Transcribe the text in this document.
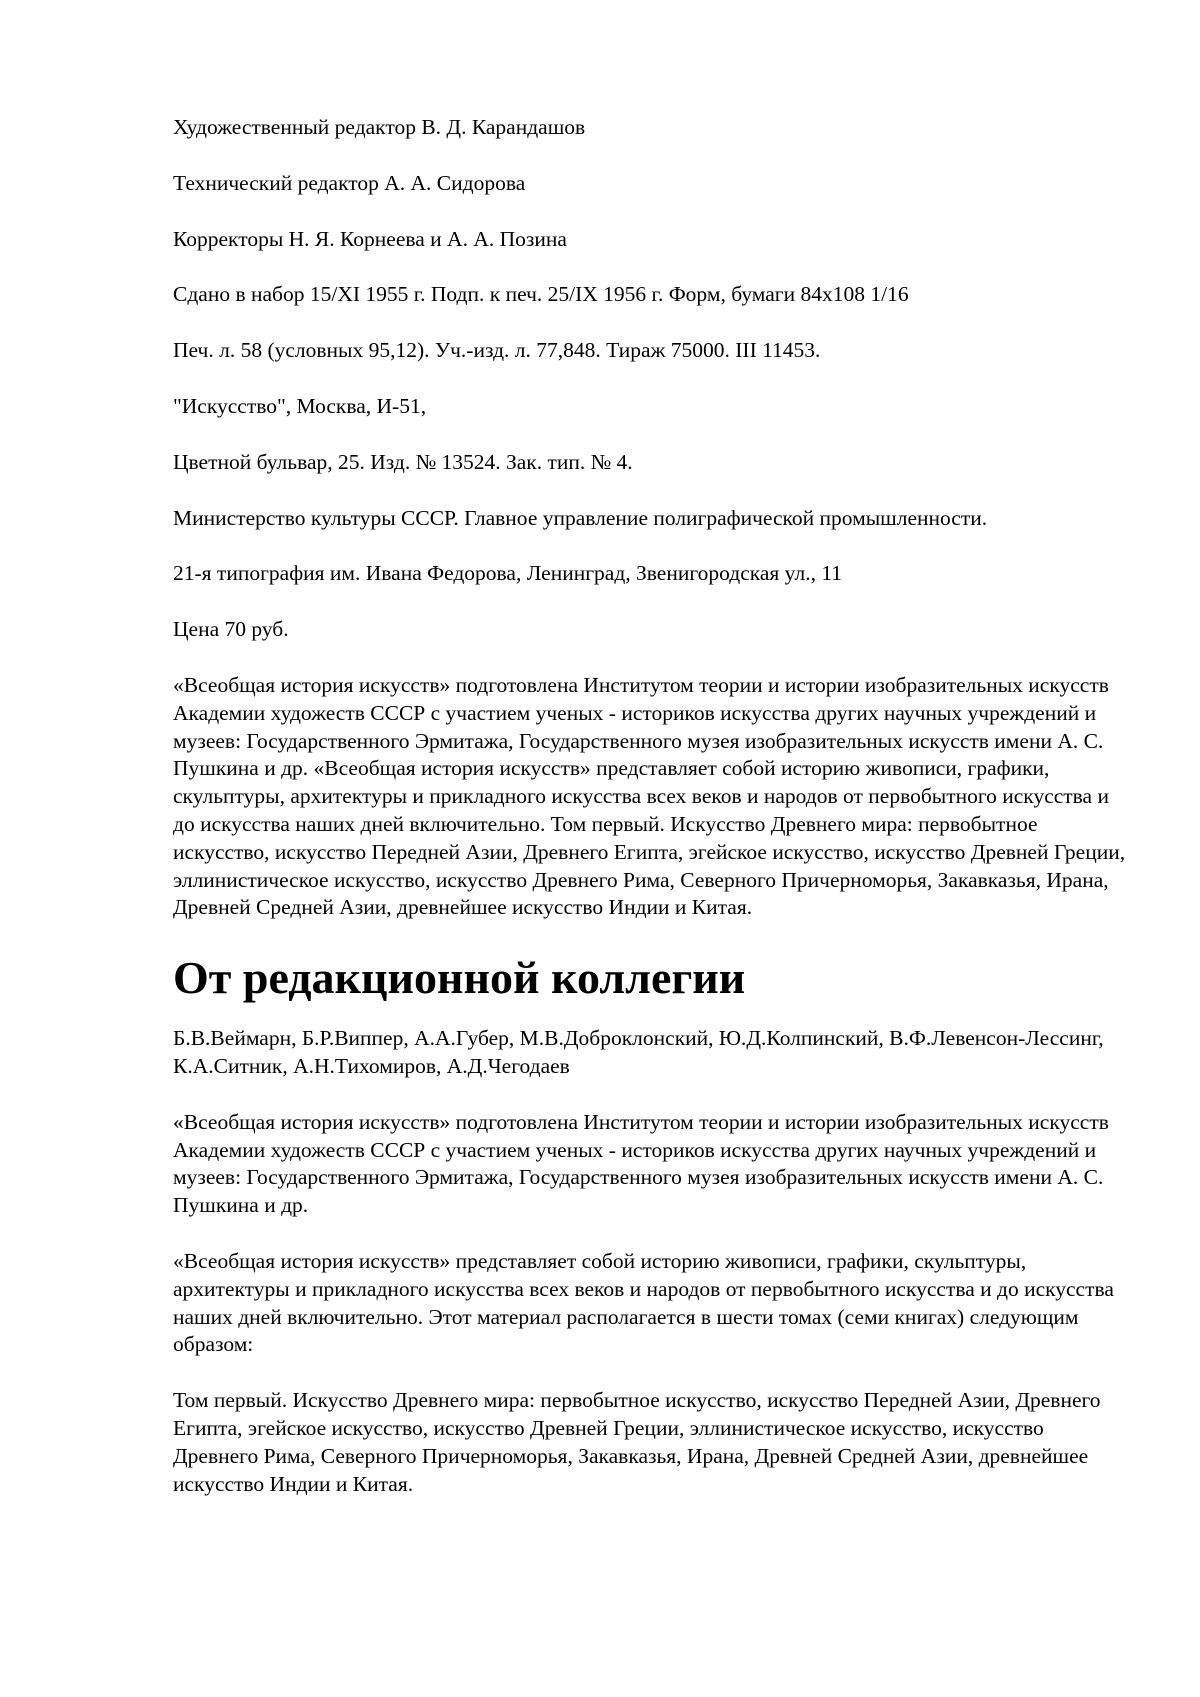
Художественный редактор В. Д. Карандашов

Технический редактор А. А. Сидорова

Корректоры Н. Я. Корнеева и А. А. Позина

Сдано в набор 15/XI 1955 г. Подп. к печ. 25/IX 1956 г. Форм, бумаги 84х108 1/16

Печ. л. 58 (условных 95,12). Уч.-изд. л. 77,848. Тираж 75000. III 11453.

"Искусство", Москва, И-51,

Цветной бульвар, 25. Изд. № 13524. Зак. тип. № 4.

Министерство культуры СССР. Главное управление полиграфической промышленности.

21-я типография им. Ивана Федорова, Ленинград, Звенигородская ул., 11

Цена 70 руб.

«Всеобщая история искусств» подготовлена Институтом теории и истории изобразительных искусств Академии художеств СССР с участием ученых - историков искусства других научных учреждений и музеев: Государственного Эрмитажа, Государственного музея изобразительных искусств имени А. С. Пушкина и др. «Всеобщая история искусств» представляет собой историю живописи, графики, скульптуры, архитектуры и прикладного искусства всех веков и народов от первобытного искусства и до искусства наших дней включительно. Том первый. Искусство Древнего мира: первобытное искусство, искусство Передней Азии, Древнего Египта, эгейское искусство, искусство Древней Греции, эллинистическое искусство, искусство Древнего Рима, Северного Причерноморья, Закавказья, Ирана, Древней Средней Азии, древнейшее искусство Индии и Китая.

От редакционной коллегии

Б.В.Веймарн, Б.Р.Виппер, А.А.Губер, М.В.Доброклонский, Ю.Д.Колпинский, В.Ф.Левенсон-Лессинг, К.А.Ситник, А.Н.Тихомиров, А.Д.Чегодаев

«Всеобщая история искусств» подготовлена Институтом теории и истории изобразительных искусств Академии художеств СССР с участием ученых - историков искусства других научных учреждений и музеев: Государственного Эрмитажа, Государственного музея изобразительных искусств имени А. С. Пушкина и др.

«Всеобщая история искусств» представляет собой историю живописи, графики, скульптуры, архитектуры и прикладного искусства всех веков и народов от первобытного искусства и до искусства наших дней включительно. Этот материал располагается в шести томах (семи книгах) следующим образом:

Том первый. Искусство Древнего мира: первобытное искусство, искусство Передней Азии, Древнего Египта, эгейское искусство, искусство Древней Греции, эллинистическое искусство, искусство Древнего Рима, Северного Причерноморья, Закавказья, Ирана, Древней Средней Азии, древнейшее искусство Индии и Китая.
